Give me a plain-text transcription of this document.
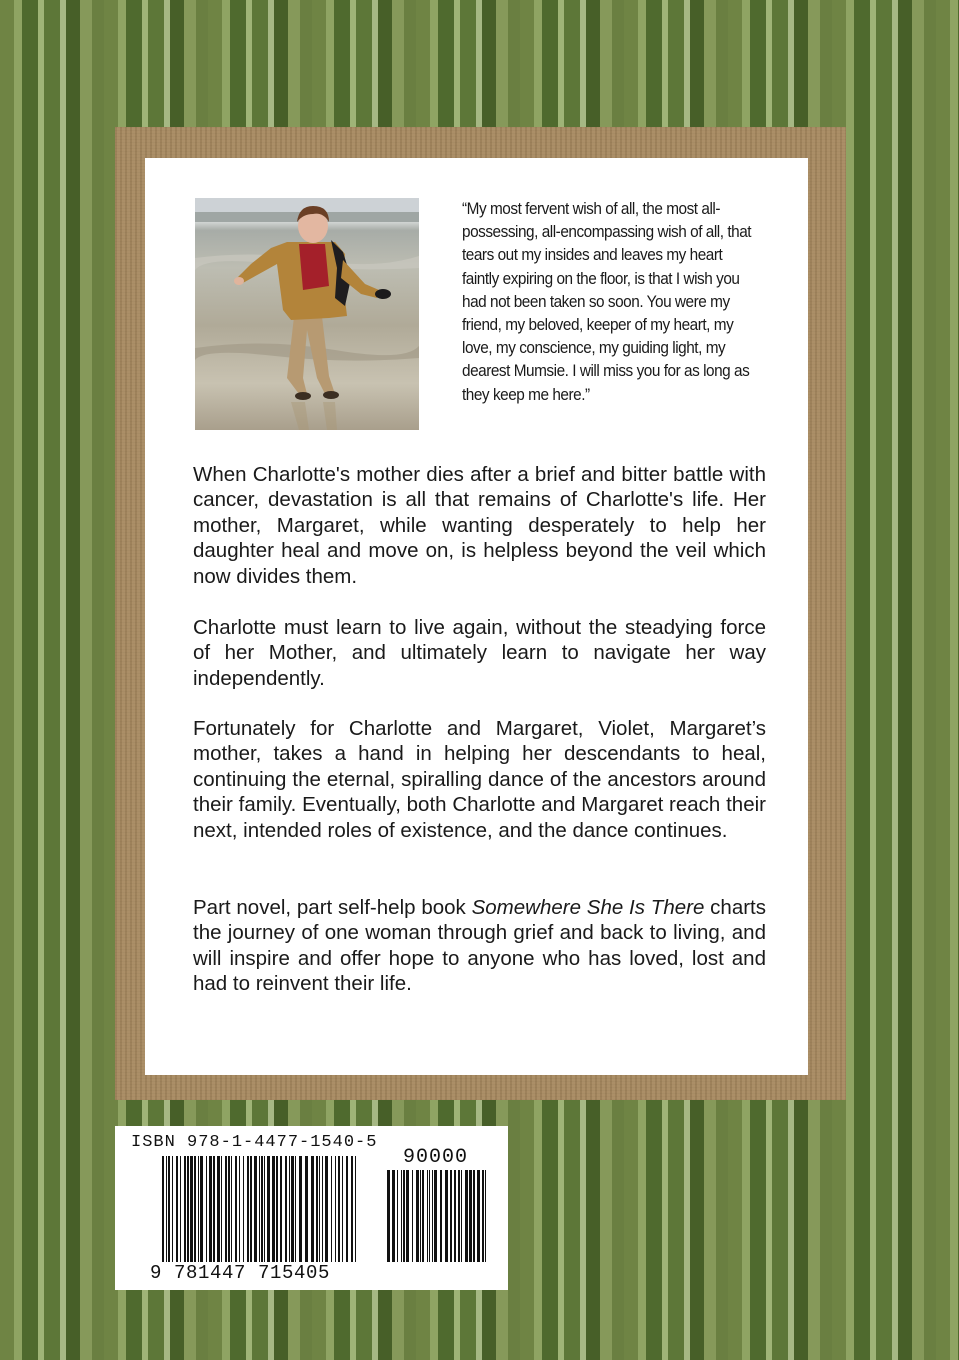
“My most fervent wish of all, the most all-possessing, all-encompassing wish of all, that tears out my insides and leaves my heart faintly expiring on the floor, is that I wish you had not been taken so soon. You were my friend, my beloved, keeper of my heart, my love, my conscience, my guiding light, my dearest Mumsie. I will miss you for as long as they keep me here.”

When Charlotte's mother dies after a brief and bitter battle with cancer, devastation is all that remains of Charlotte's life. Her mother, Margaret, while wanting desperately to help her daughter heal and move on, is helpless beyond the veil which now divides them.

Charlotte must learn to live again, without the steadying force of her Mother, and ultimately learn to navigate her way independently.

Fortunately for Charlotte and Margaret, Violet, Margaret’s mother, takes a hand in helping her descendants to heal, continuing the eternal, spiralling dance of the ancestors around their family. Eventually, both Charlotte and Margaret reach their next, intended roles of existence, and the dance continues.

Part novel, part self-help book Somewhere She Is There charts the journey of one woman through grief and back to living, and will inspire and offer hope to anyone who has loved, lost and had to reinvent their life.

ISBN 978-1-4477-1540-5
90000
9 781447 715405
